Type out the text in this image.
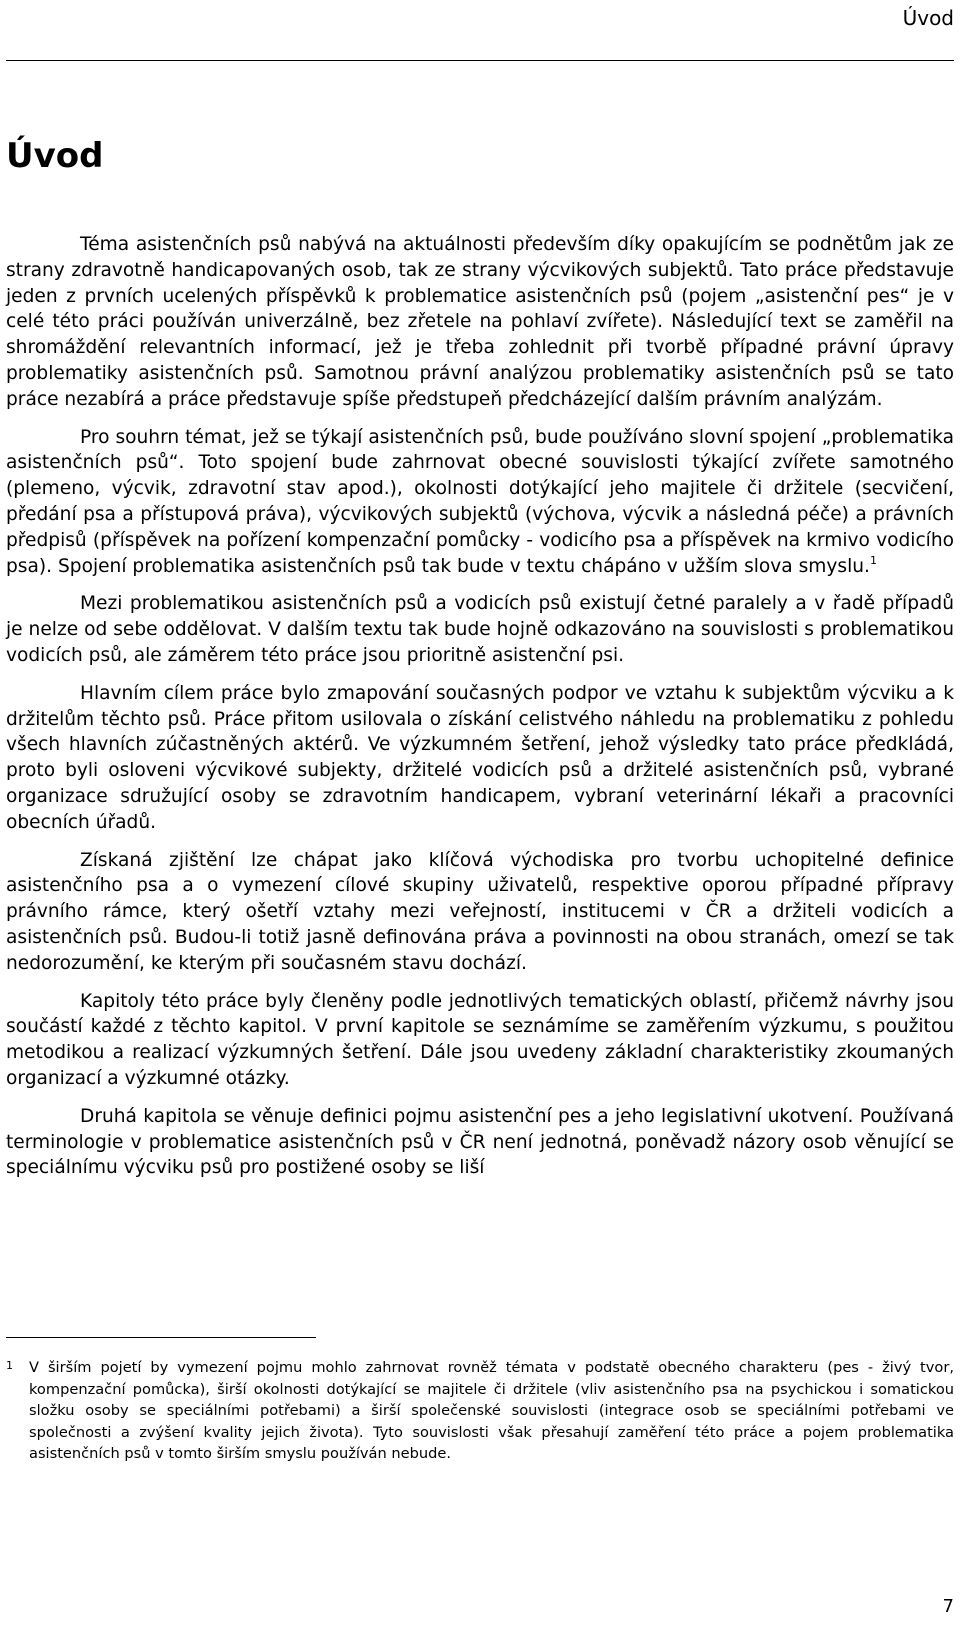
Úvod
Úvod

Téma asistenčních psů nabývá na aktuálnosti především díky opakujícím se podnětům jak ze strany zdravotně handicapovaných osob, tak ze strany výcvikových subjektů. Tato práce představuje jeden z prvních ucelených příspěvků k problematice asistenčních psů (pojem „asistenční pes“ je v celé této práci používán univerzálně, bez zřetele na pohlaví zvířete). Následující text se zaměřil na shromáždění relevantních informací, jež je třeba zohlednit při tvorbě případné právní úpravy problematiky asistenčních psů. Samotnou právní analýzou problematiky asistenčních psů se tato práce nezabírá a práce představuje spíše předstupeň předcházející dalším právním analýzám.

Pro souhrn témat, jež se týkají asistenčních psů, bude používáno slovní spojení „problematika asistenčních psů“. Toto spojení bude zahrnovat obecné souvislosti týkající zvířete samotného (plemeno, výcvik, zdravotní stav apod.), okolnosti dotýkající jeho majitele či držitele (secvičení, předání psa a přístupová práva), výcvikových subjektů (výchova, výcvik a následná péče) a právních předpisů (příspěvek na pořízení kompenzační pomůcky - vodicího psa a příspěvek na krmivo vodicího psa). Spojení problematika asistenčních psů tak bude v textu chápáno v užším slova smyslu.$^1$

Mezi problematikou asistenčních psů a vodicích psů existují četné paralely a v řadě případů je nelze od sebe oddělovat. V dalším textu tak bude hojně odkazováno na souvislosti s problematikou vodicích psů, ale záměrem této práce jsou prioritně asistenční psi.

Hlavním cílem práce bylo zmapování současných podpor ve vztahu k subjektům výcviku a k držitelům těchto psů. Práce přitom usilovala o získání celistvého náhledu na problematiku z pohledu všech hlavních zúčastněných aktérů. Ve výzkumném šetření, jehož výsledky tato práce předkládá, proto byli osloveni výcvikové subjekty, držitelé vodicích psů a držitelé asistenčních psů, vybrané organizace sdružující osoby se zdravotním handicapem, vybraní veterinární lékaři a pracovníci obecních úřadů.

Získaná zjištění lze chápat jako klíčová východiska pro tvorbu uchopitelné definice asistenčního psa a o vymezení cílové skupiny uživatelů, respektive oporou případné přípravy právního rámce, který ošetří vztahy mezi veřejností, institucemi v ČR a držiteli vodicích a asistenčních psů. Budou-li totiž jasně definována práva a povinnosti na obou stranách, omezí se tak nedorozumění, ke kterým při současném stavu dochází.

Kapitoly této práce byly členěny podle jednotlivých tematických oblastí, přičemž návrhy jsou součástí každé z těchto kapitol. V první kapitole se seznámíme se zaměřením výzkumu, s použitou metodikou a realizací výzkumných šetření. Dále jsou uvedeny základní charakteristiky zkoumaných organizací a výzkumné otázky.

Druhá kapitola se věnuje definici pojmu asistenční pes a jeho legislativní ukotvení. Používaná terminologie v problematice asistenčních psů v ČR není jednotná, poněvadž názory osob věnující se speciálnímu výcviku psů pro postižené osoby se liší

1	V širším pojetí by vymezení pojmu mohlo zahrnovat rovněž témata v podstatě obecného charakteru (pes - živý tvor, kompenzační pomůcka), širší okolnosti dotýkající se majitele či držitele (vliv asistenčního psa na psychickou i somatickou složku osoby se speciálními potřebami) a širší společenské souvislosti (integrace osob se speciálními potřebami ve společnosti a zvýšení kvality jejich života). Tyto souvislosti však přesahují zaměření této práce a pojem problematika asistenčních psů v tomto širším smyslu používán nebude.

7
